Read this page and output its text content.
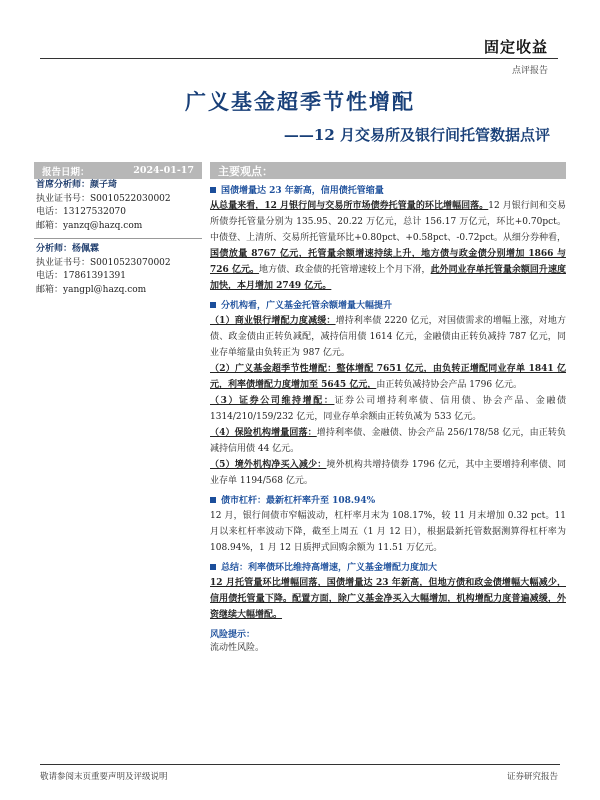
固定收益
点评报告
广义基金超季节性增配
——12 月交易所及银行间托管数据点评
报告日期：	2024-01-17
首席分析师：颜子琦
执业证书号：S0010522030002
电话：13127532070
邮箱：yanzq@hazq.com
分析师：杨佩霖
执业证书号：S0010523070002
电话：17861391391
邮箱：yangpl@hazq.com
主要观点：
国债增量达 23 年新高，信用债托管缩量
从总量来看，12 月银行间与交易所市场债券托管量的环比增幅回落。12 月银行间和交易所债券托管量分别为 135.95、20.22 万亿元，总计 156.17 万亿元，环比+0.70pct。中债登、上清所、交易所托管量环比+0.80pct、+0.58pct、-0.72pct。从细分券种看，国债放量 8767 亿元，托管量余额增速持续上升，地方债与政金债分别增加 1866 与 726 亿元。地方债、政金债的托管增速较上个月下滑，此外同业存单托管量余额回升速度加快，本月增加 2749 亿元。
分机构看，广义基金托管余额增量大幅提升
（1）商业银行增配力度减缓：增持利率债 2220 亿元，对国债需求的增幅上涨，对地方债、政金债由正转负减配，减持信用债 1614 亿元，金融债由正转负减持 787 亿元，同业存单缩量由负转正为 987 亿元。
（2）广义基金超季节性增配：整体增配 7651 亿元，由负转正增配同业存单 1841 亿元，利率债增配力度增加至 5645 亿元，由正转负减持协会产品 1796 亿元。
（3）证券公司维持增配：证券公司增持利率债、信用债、协会产品、金融债 1314/210/159/232 亿元，同业存单余额由正转负减为 533 亿元。
（4）保险机构增量回落：增持利率债、金融债、协会产品 256/178/58 亿元，由正转负减持信用债 44 亿元。
（5）境外机构净买入减少：境外机构共增持债券 1796 亿元，其中主要增持利率债、同业存单 1194/568 亿元。
债市杠杆：最新杠杆率升至 108.94%
12 月，银行间债市窄幅波动，杠杆率月末为 108.17%，较 11 月末增加 0.32 pct。11 月以来杠杆率波动下降，截至上周五（1 月 12 日），根据最新托管数据测算得杠杆率为 108.94%，1 月 12 日质押式回购余额为 11.51 万亿元。
总结：利率债环比维持高增速，广义基金增配力度加大
12 月托管量环比增幅回落，国债增量达 23 年新高，但地方债和政金债增幅大幅减少，信用债托管量下降。配置方面，除广义基金净买入大幅增加，机构增配力度普遍减缓，外资继续大幅增配。
风险提示：
流动性风险。
敬请参阅末页重要声明及评级说明	证券研究报告
